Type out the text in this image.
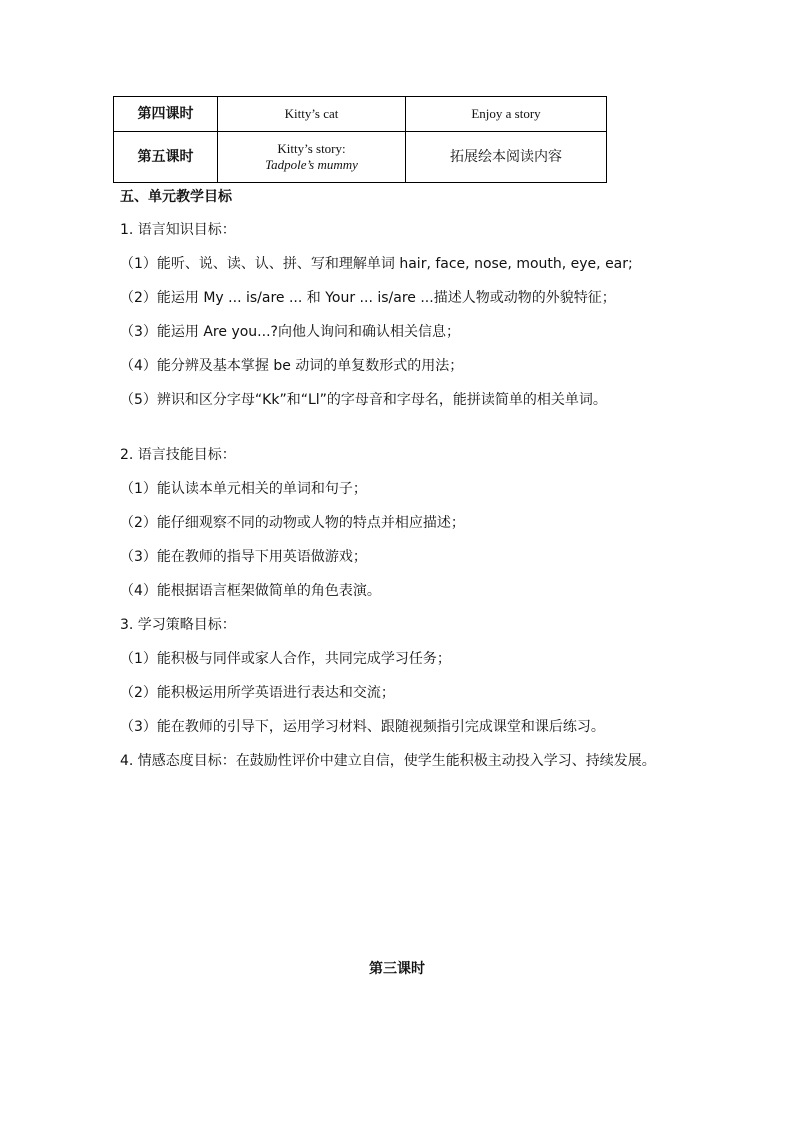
第四课时	Kitty’s cat	Enjoy a story
第五课时	Kitty’s story:
Tadpole’s mummy	拓展绘本阅读内容
五、单元教学目标
1. 语言知识目标：
（1）能听、说、读、认、拼、写和理解单词 hair, face, nose, mouth, eye, ear;
（2）能运用 My ... is/are ... 和 Your ... is/are ...描述人物或动物的外貌特征；
（3）能运用 Are you...?向他人询问和确认相关信息；
（4）能分辨及基本掌握 be 动词的单复数形式的用法；
（5）辨识和区分字母“Kk”和“Ll”的字母音和字母名，能拼读简单的相关单词。
2. 语言技能目标：
（1）能认读本单元相关的单词和句子；
（2）能仔细观察不同的动物或人物的特点并相应描述；
（3）能在教师的指导下用英语做游戏；
（4）能根据语言框架做简单的角色表演。
3. 学习策略目标：
（1）能积极与同伴或家人合作，共同完成学习任务；
（2）能积极运用所学英语进行表达和交流；
（3）能在教师的引导下，运用学习材料、跟随视频指引完成课堂和课后练习。
4. 情感态度目标：在鼓励性评价中建立自信，使学生能积极主动投入学习、持续发展。
第三课时
